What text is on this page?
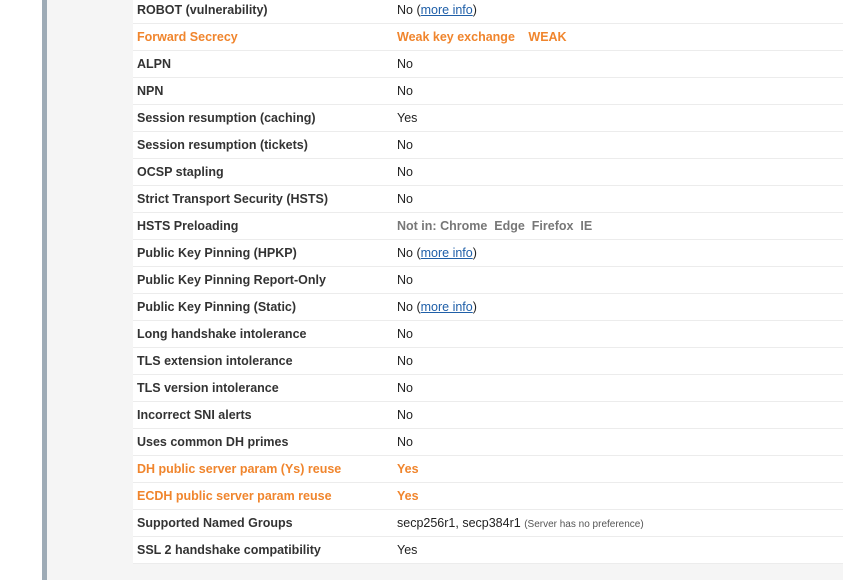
ROBOT (vulnerability)	No (more info)
Forward Secrecy	Weak key exchange WEAK
ALPN	No
NPN	No
Session resumption (caching)	Yes
Session resumption (tickets)	No
OCSP stapling	No
Strict Transport Security (HSTS)	No
HSTS Preloading	Not in: Chrome Edge Firefox IE
Public Key Pinning (HPKP)	No (more info)
Public Key Pinning Report-Only	No
Public Key Pinning (Static)	No (more info)
Long handshake intolerance	No
TLS extension intolerance	No
TLS version intolerance	No
Incorrect SNI alerts	No
Uses common DH primes	No
DH public server param (Ys) reuse	Yes
ECDH public server param reuse	Yes
Supported Named Groups	secp256r1, secp384r1 (Server has no preference)
SSL 2 handshake compatibility	Yes
